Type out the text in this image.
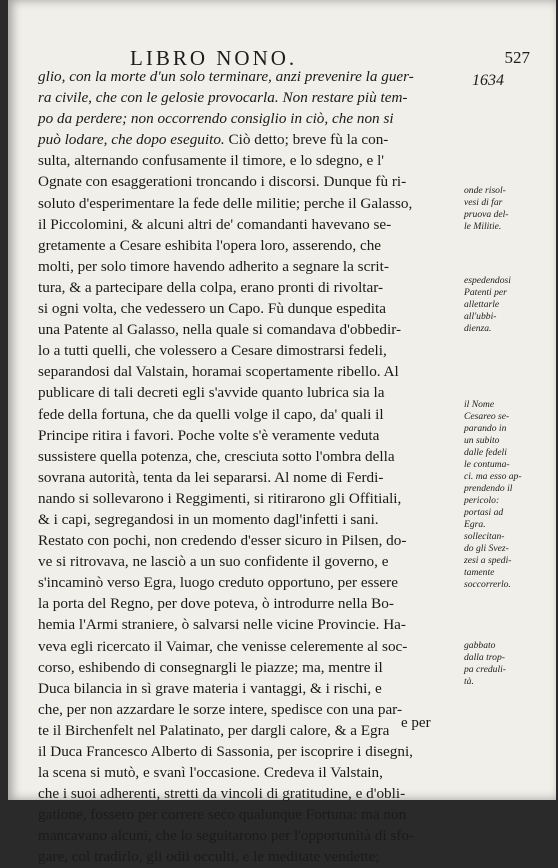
LIBRO NONO.	527
1634
glio, con la morte d'un solo terminare, anzi prevenire la guer-
ra civile, che con le gelosie provocarla. Non restare più tem-
po da perdere; non occorrendo consiglio in ciò, che non si
può lodare, che dopo eseguito. Ciò detto; breve fù la con-
sulta, alternando confusamente il timore, e lo sdegno, e l'
Ognate con esaggerationi troncando i discorsi. Dunque fù ri-
soluto d'esperimentare la fede delle militie; perche il Galasso,
il Piccolomini, & alcuni altri de' comandanti havevano se-
gretamente a Cesare eshibita l'opera loro, asserendo, che
molti, per solo timore havendo adherito a segnare la scrit-
tura, & a partecipare della colpa, erano pronti di rivoltar-
si ogni volta, che vedessero un Capo. Fù dunque espedita
una Patente al Galasso, nella quale si comandava d'obbedir-
lo a tutti quelli, che volessero a Cesare dimostrarsi fedeli,
separandosi dal Valstain, horamai scopertamente ribello. Al
publicare di tali decreti egli s'avvide quanto lubrica sia la
fede della fortuna, che da quelli volge il capo, da' quali il
Principe ritira i favori. Poche volte s'è veramente veduta
sussistere quella potenza, che, cresciuta sotto l'ombra della
sovrana autorità, tenta da lei separarsi. Al nome di Ferdi-
nando si sollevarono i Reggimenti, si ritirarono gli Offitiali,
& i capi, segregandosi in un momento dagl'infetti i sani.
Restato con pochi, non credendo d'esser sicuro in Pilsen, do-
ve si ritrovava, ne lasciò a un suo confidente il governo, e
s'incaminò verso Egra, luogo creduto opportuno, per essere
la porta del Regno, per dove poteva, ò introdurre nella Bo-
hemia l'Armi straniere, ò salvarsi nelle vicine Provincie. Ha-
veva egli ricercato il Vaimar, che venisse celeremente al soc-
corso, eshibendo di consegnargli le piazze; ma, mentre il
Duca bilancia in sì grave materia i vantaggi, & i rischi, e
che, per non azzardare le sorze intere, spedisce con una par-
te il Birchenfelt nel Palatinato, per dargli calore, & a Egra
il Duca Francesco Alberto di Sassonia, per iscoprire i disegni,
la scena si mutò, e svanì l'occasione. Credeva il Valstain,
che i suoi adherenti, stretti da vincoli di gratitudine, e d'obli-
gatione, fossero per correre seco qualunque Fortuna: ma non
mancavano alcuni, che lo seguitarono per l'opportunità di sfo-
gare, col tradirlo, gli odii occulti, e le meditate vendette;
e per
onde risol-
vesi di far
pruova del-
le Militie.
espedendosi
Patenti per
allettarle
all'ubbi-
dienza.
il Nome
Cesareo se-
parando in
un subito
dalle fedeli
le contuma-
ci. ma esso ap-
prendendo il
pericolo:
portasi ad
Egra.
sollecitan-
do gli Svez-
zesi a spedi-
tamente
soccorrerlo.
gabbato
dalla trop-
pa creduli-
tà.
